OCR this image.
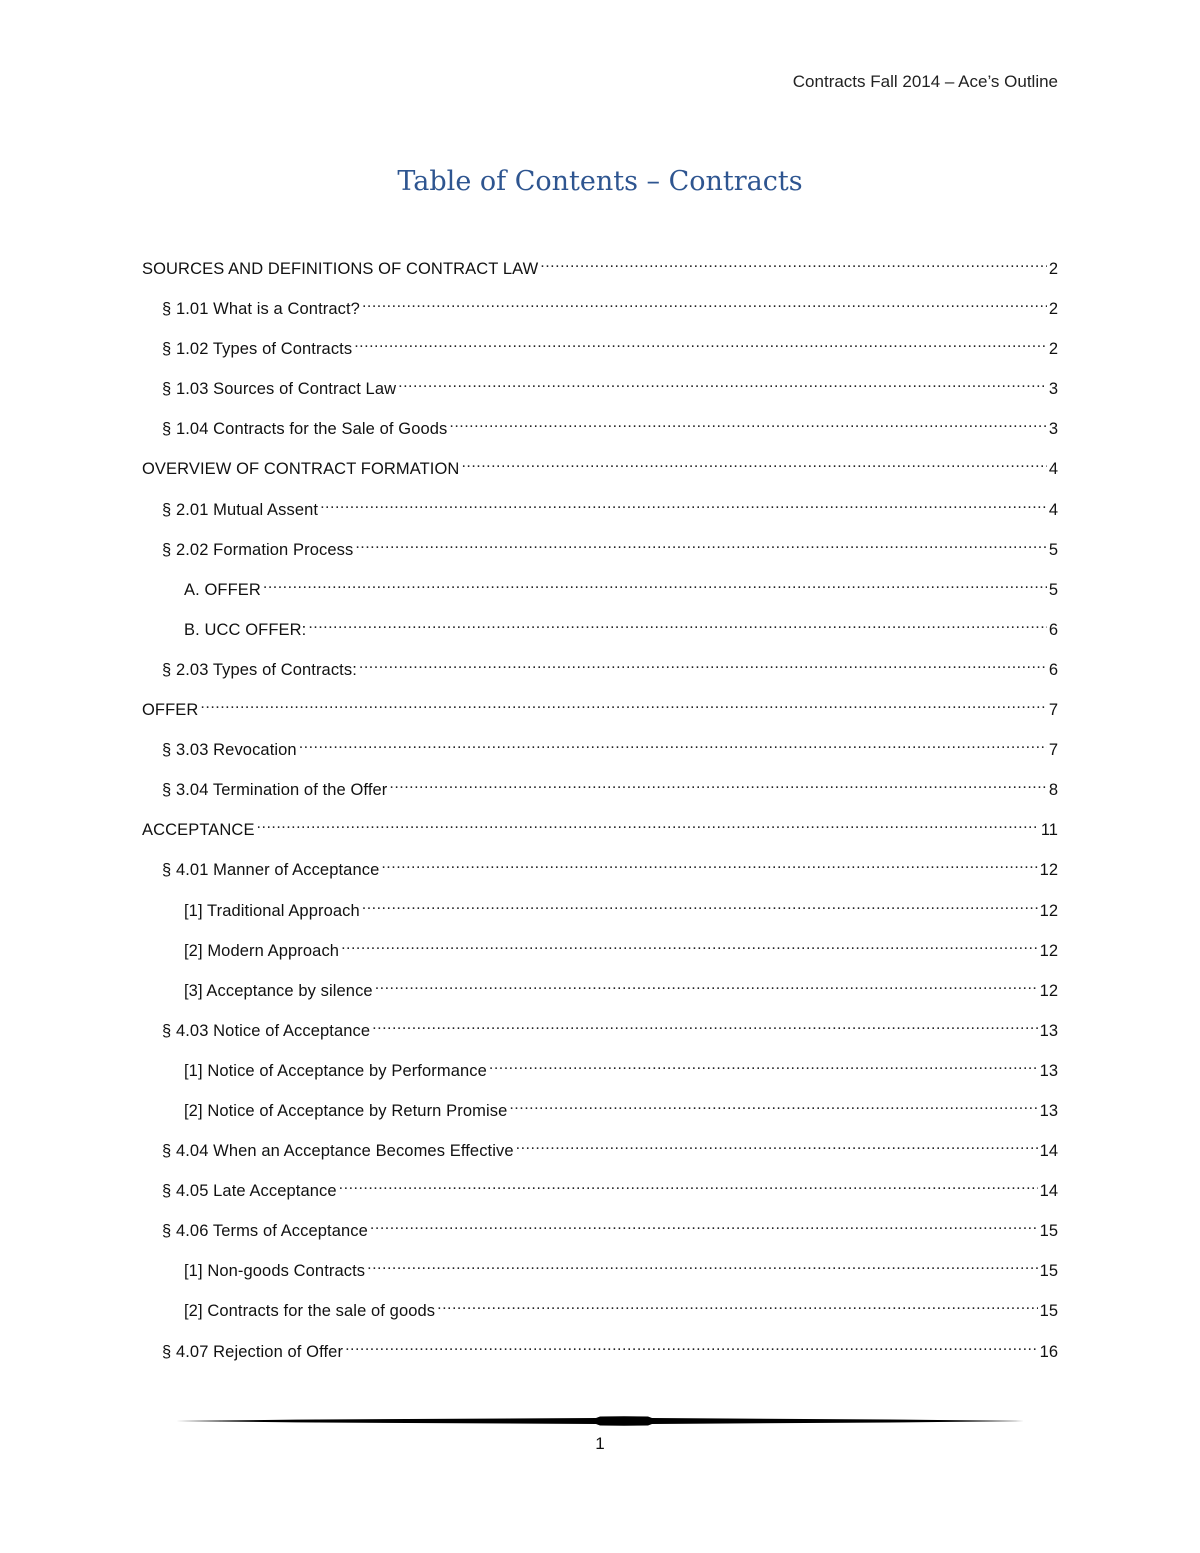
Contracts Fall 2014 – Ace’s Outline
Table of Contents – Contracts
SOURCES AND DEFINITIONS OF CONTRACT LAW .....	2
§ 1.01 What is a Contract? .....	2
§ 1.02 Types of Contracts .....	2
§ 1.03 Sources of Contract Law .....	3
§ 1.04 Contracts for the Sale of Goods .....	3
OVERVIEW OF CONTRACT FORMATION .....	4
§ 2.01 Mutual Assent .....	4
§ 2.02 Formation Process .....	5
A. OFFER .....	5
B. UCC OFFER: .....	6
§ 2.03 Types of Contracts: .....	6
OFFER .....	7
§ 3.03 Revocation .....	7
§ 3.04 Termination of the Offer .....	8
ACCEPTANCE .....	11
§ 4.01 Manner of Acceptance .....	12
[1] Traditional Approach .....	12
[2] Modern Approach .....	12
[3] Acceptance by silence .....	12
§ 4.03 Notice of Acceptance .....	13
[1] Notice of Acceptance by Performance .....	13
[2] Notice of Acceptance by Return Promise .....	13
§ 4.04 When an Acceptance Becomes Effective .....	14
§ 4.05 Late Acceptance .....	14
§ 4.06 Terms of Acceptance .....	15
[1] Non-goods Contracts .....	15
[2] Contracts for the sale of goods .....	15
§ 4.07 Rejection of Offer .....	16
1
